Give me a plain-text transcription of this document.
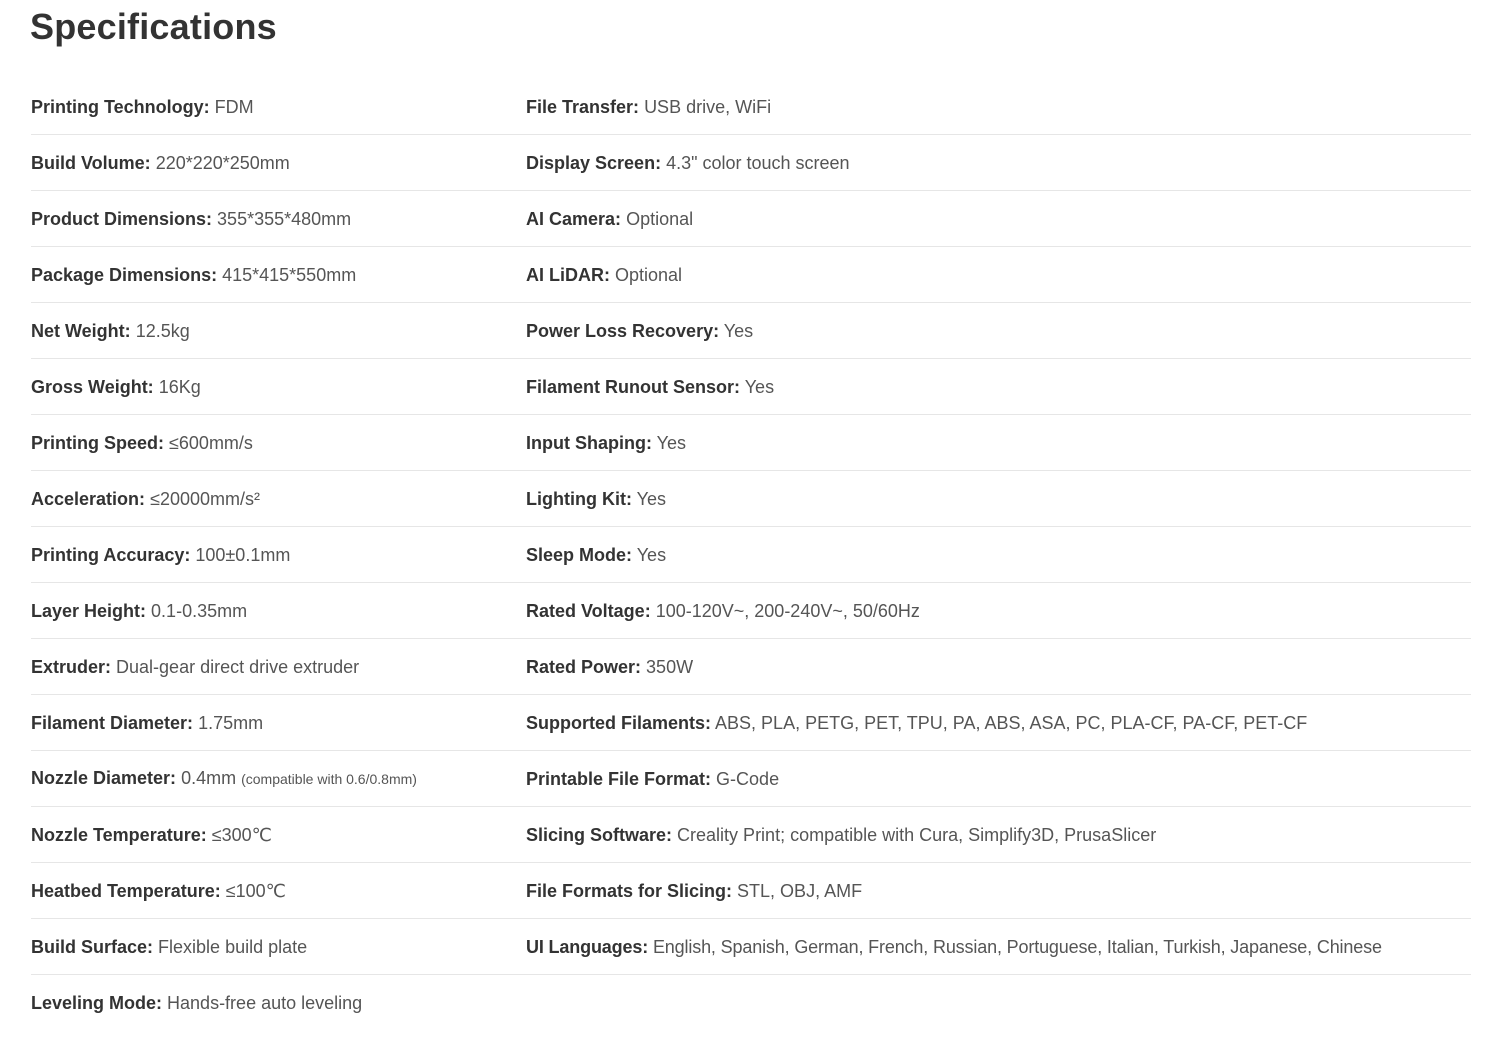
Specifications
Printing Technology: FDM	File Transfer: USB drive, WiFi
Build Volume: 220*220*250mm	Display Screen: 4.3" color touch screen
Product Dimensions: 355*355*480mm	AI Camera: Optional
Package Dimensions: 415*415*550mm	AI LiDAR: Optional
Net Weight: 12.5kg	Power Loss Recovery: Yes
Gross Weight: 16Kg	Filament Runout Sensor: Yes
Printing Speed: ≤600mm/s	Input Shaping: Yes
Acceleration: ≤20000mm/s²	Lighting Kit: Yes
Printing Accuracy: 100±0.1mm	Sleep Mode: Yes
Layer Height: 0.1-0.35mm	Rated Voltage: 100-120V~, 200-240V~, 50/60Hz
Extruder: Dual-gear direct drive extruder	Rated Power: 350W
Filament Diameter: 1.75mm	Supported Filaments: ABS, PLA, PETG, PET, TPU, PA, ABS, ASA, PC, PLA-CF, PA-CF, PET-CF
Nozzle Diameter: 0.4mm (compatible with 0.6/0.8mm)	Printable File Format: G-Code
Nozzle Temperature: ≤300℃	Slicing Software: Creality Print; compatible with Cura, Simplify3D, PrusaSlicer
Heatbed Temperature: ≤100℃	File Formats for Slicing: STL, OBJ, AMF
Build Surface: Flexible build plate	UI Languages: English, Spanish, German, French, Russian, Portuguese, Italian, Turkish, Japanese, Chinese
Leveling Mode: Hands-free auto leveling
